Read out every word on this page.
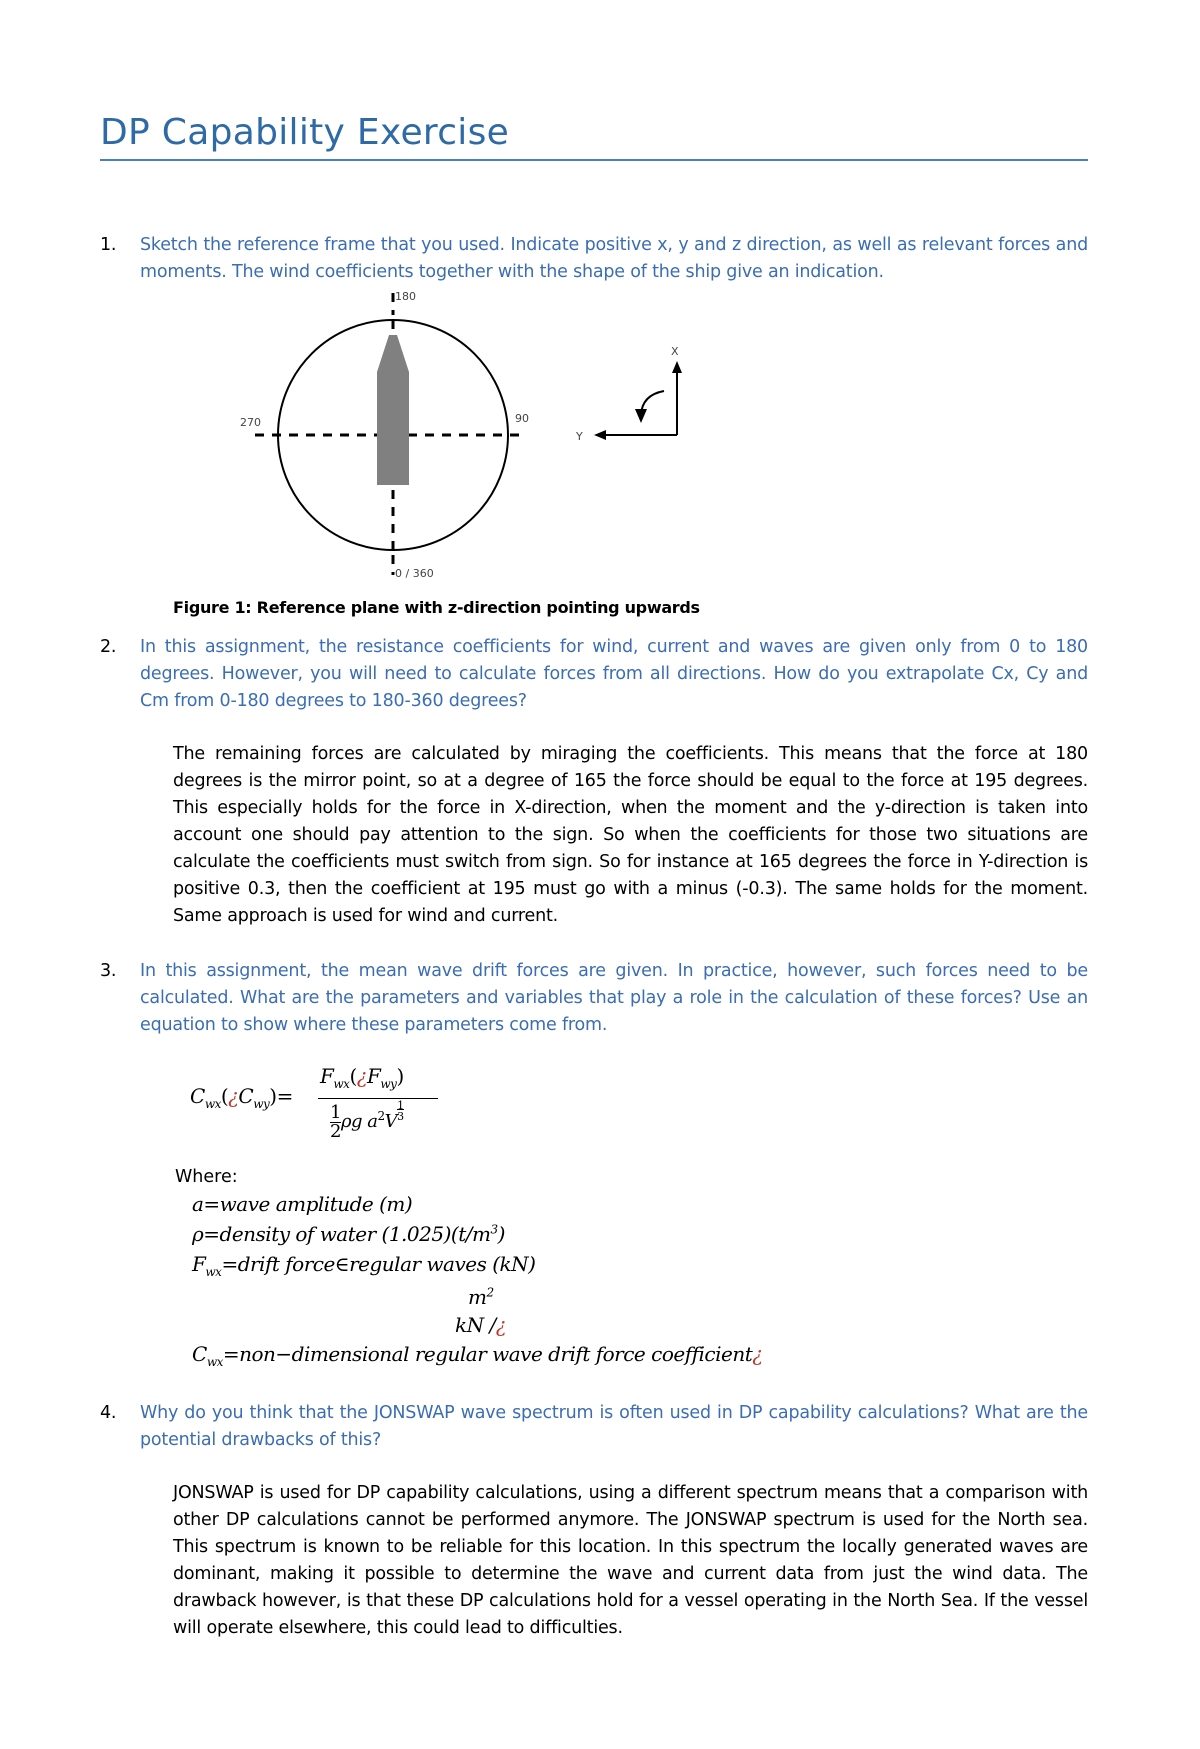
DP Capability Exercise
1. Sketch the reference frame that you used. Indicate positive x, y and z direction, as well as relevant forces and moments. The wind coefficients together with the shape of the ship give an indication.
180
90
270
0 / 360
X
Y
Figure 1: Reference plane with z-direction pointing upwards
2. In this assignment, the resistance coefficients for wind, current and waves are given only from 0 to 180 degrees. However, you will need to calculate forces from all directions. How do you extrapolate Cx, Cy and Cm from 0-180 degrees to 180-360 degrees?
The remaining forces are calculated by miraging the coefficients. This means that the force at 180 degrees is the mirror point, so at a degree of 165 the force should be equal to the force at 195 degrees. This especially holds for the force in X-direction, when the moment and the y-direction is taken into account one should pay attention to the sign. So when the coefficients for those two situations are calculate the coefficients must switch from sign. So for instance at 165 degrees the force in Y-direction is positive 0.3, then the coefficient at 195 must go with a minus (-0.3). The same holds for the moment. Same approach is used for wind and current.
3. In this assignment, the mean wave drift forces are given. In practice, however, such forces need to be calculated. What are the parameters and variables that play a role in the calculation of these forces? Use an equation to show where these parameters come from.
$C_{wx}(¿C_{wy})=$
$F_{wx}(¿F_{wy})$
1
2ρg $a^2V^{1 3}$
Where:
a=wave amplitude (m)
ρ=density of water $(1.025)(t/m^3)$
$F_{wx}=drift$ force∈regular waves (kN)
$m^2$
kN /¿
$C_{wx}=non-dimensional$ regular wave drift force coefficient¿
4. Why do you think that the JONSWAP wave spectrum is often used in DP capability calculations? What are the potential drawbacks of this?
JONSWAP is used for DP capability calculations, using a different spectrum means that a comparison with other DP calculations cannot be performed anymore. The JONSWAP spectrum is used for the North sea. This spectrum is known to be reliable for this location. In this spectrum the locally generated waves are dominant, making it possible to determine the wave and current data from just the wind data. The drawback however, is that these DP calculations hold for a vessel operating in the North Sea. If the vessel will operate elsewhere, this could lead to difficulties.
